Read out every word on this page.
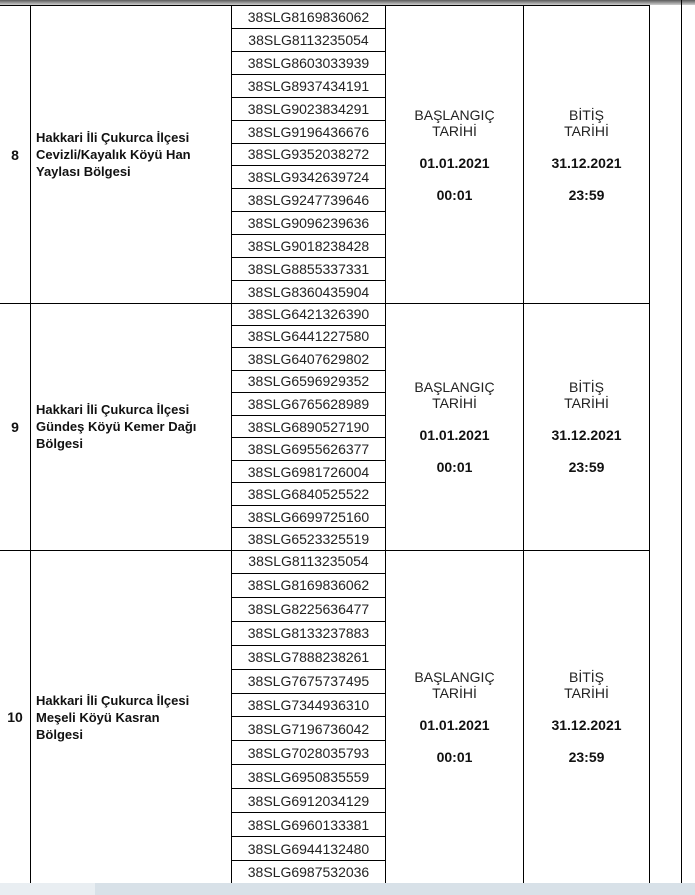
8
Hakkari İli Çukurca İlçesi
Cevizli/Kayalık Köyü Han
Yaylası Bölgesi
38SLG8169836062
38SLG8113235054
38SLG8603033939
38SLG8937434191
38SLG9023834291
38SLG9196436676
38SLG9352038272
38SLG9342639724
38SLG9247739646
38SLG9096239636
38SLG9018238428
38SLG8855337331
38SLG8360435904
BAŞLANGIÇ
TARİHİ
01.01.2021
00:01
BİTİŞ
TARİHİ
31.12.2021
23:59
9
Hakkari İli Çukurca İlçesi
Gündeş Köyü Kemer Dağı
Bölgesi
38SLG6421326390
38SLG6441227580
38SLG6407629802
38SLG6596929352
38SLG6765628989
38SLG6890527190
38SLG6955626377
38SLG6981726004
38SLG6840525522
38SLG6699725160
38SLG6523325519
BAŞLANGIÇ
TARİHİ
01.01.2021
00:01
BİTİŞ
TARİHİ
31.12.2021
23:59
10
Hakkari İli Çukurca İlçesi
Meşeli Köyü Kasran
Bölgesi
38SLG8113235054
38SLG8169836062
38SLG8225636477
38SLG8133237883
38SLG7888238261
38SLG7675737495
38SLG7344936310
38SLG7196736042
38SLG7028035793
38SLG6950835559
38SLG6912034129
38SLG6960133381
38SLG6944132480
38SLG6987532036
BAŞLANGIÇ
TARİHİ
01.01.2021
00:01
BİTİŞ
TARİHİ
31.12.2021
23:59
